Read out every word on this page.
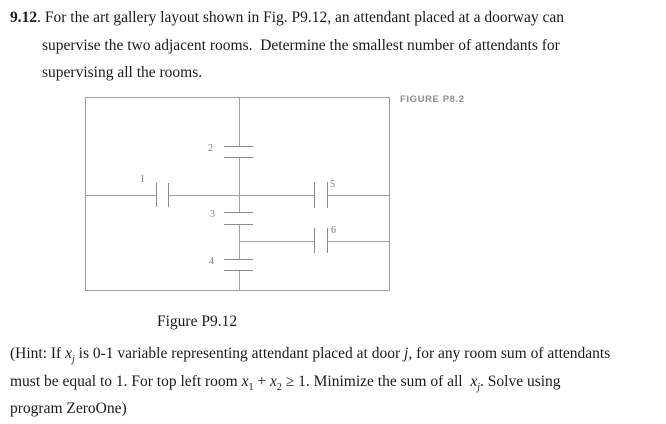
9.12. For the art gallery layout shown in Fig. P9.12, an attendant placed at a doorway can
supervise the two adjacent rooms.  Determine the smallest number of attendants for
supervising all the rooms.
FIGURE P8.2
1
2
3
4
5
6
Figure P9.12
(Hint: If $x_j$ is 0-1 variable representing attendant placed at door j, for any room sum of attendants
must be equal to 1. For top left room $x_1 + x_2 \ge 1$. Minimize the sum of all  $x_j$. Solve using
program ZeroOne)
